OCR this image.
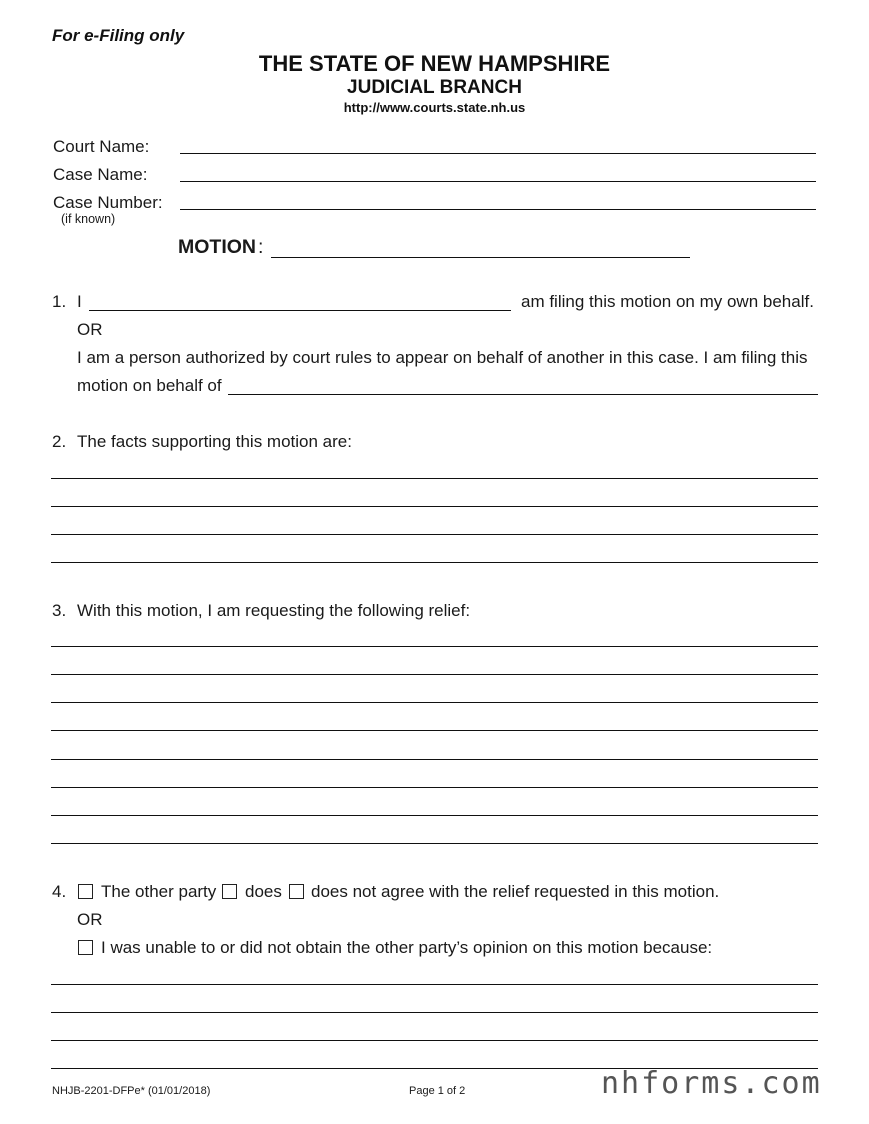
For e-Filing only
THE STATE OF NEW HAMPSHIRE
JUDICIAL BRANCH
http://www.courts.state.nh.us
Court Name:
Case Name:
Case Number:
(if known)
MOTION :
1. I	am filing this motion on my own behalf.
OR
I am a person authorized by court rules to appear on behalf of another in this case. I am filing this
motion on behalf of
2. The facts supporting this motion are:
3. With this motion, I am requesting the following relief:
4. The other party does does not agree with the relief requested in this motion.
OR
I was unable to or did not obtain the other party’s opinion on this motion because:
NHJB-2201-DFPe* (01/01/2018)	Page 1 of 2	nhforms.com
